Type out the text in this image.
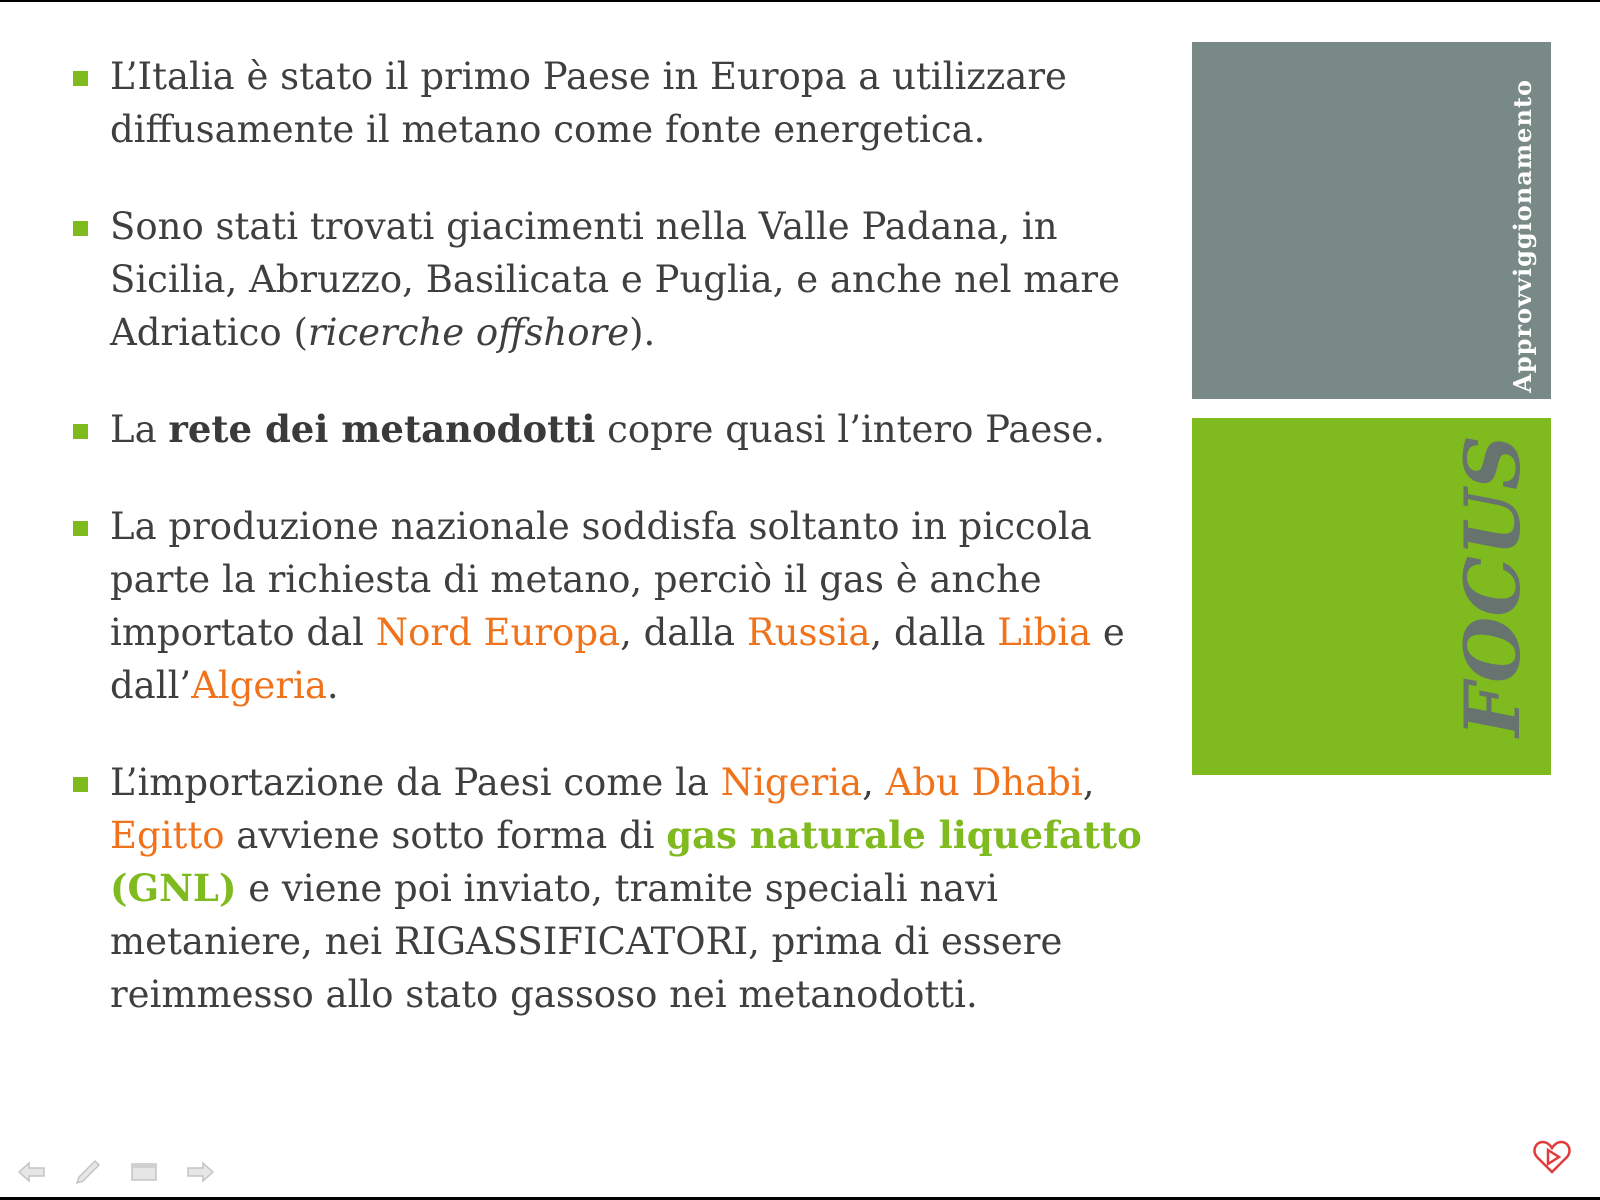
L’Italia è stato il primo Paese in Europa a utilizzare diffusamente il metano come fonte energetica.
Sono stati trovati giacimenti nella Valle Padana, in Sicilia, Abruzzo, Basilicata e Puglia, e anche nel mare Adriatico (ricerche offshore).
La rete dei metanodotti copre quasi l’intero Paese.
La produzione nazionale soddisfa soltanto in piccola parte la richiesta di metano, perciò il gas è anche importato dal Nord Europa, dalla Russia, dalla Libia e dall’Algeria.
L’importazione da Paesi come la Nigeria, Abu Dhabi, Egitto avviene sotto forma di gas naturale liquefatto (GNL) e viene poi inviato, tramite speciali navi metaniere, nei RIGASSIFICATORI, prima di essere reimmesso allo stato gassoso nei metanodotti.
Approvviggionamento
FOCUS
